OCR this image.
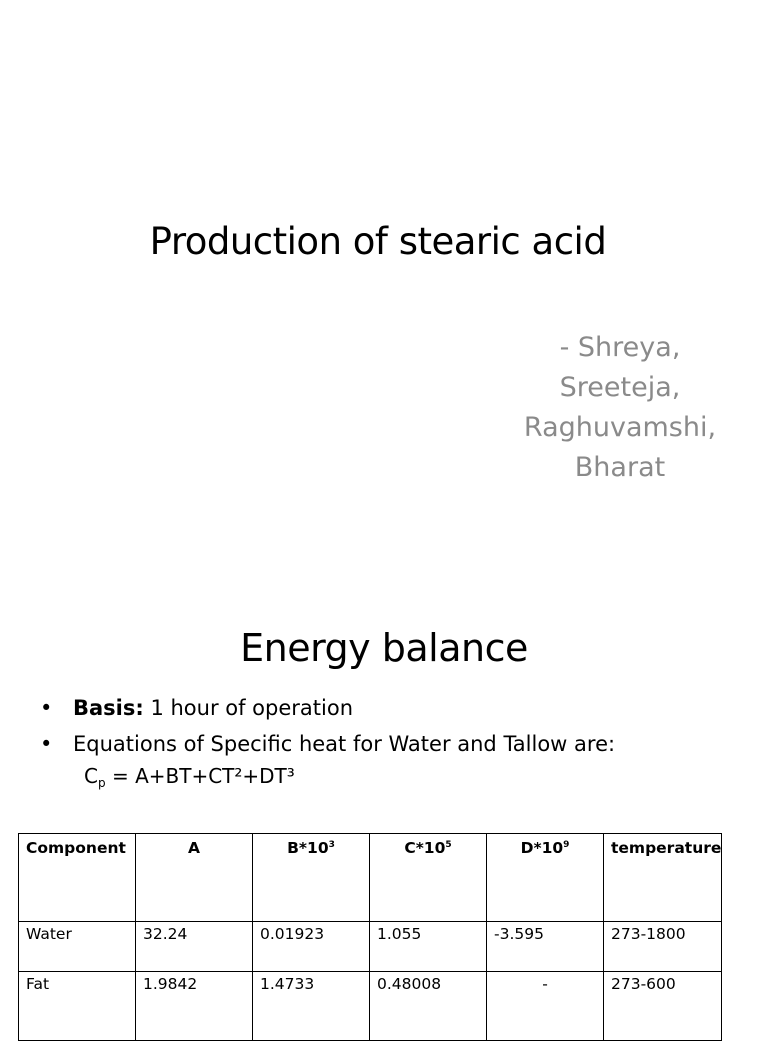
Production of stearic acid
- Shreya,
Sreeteja,
Raghuvamshi,
Bharat
Energy balance
• Basis: 1 hour of operation
• Equations of Specific heat for Water and Tallow are:
$C_p = A+BT+CT^2+DT^3$
Component	A	$B*10^3$	$C*10^5$	$D*10^9$	temperature
Water	32.24	0.01923	1.055	-3.595	273-1800
Fat	1.9842	1.4733	0.48008	-	273-600
